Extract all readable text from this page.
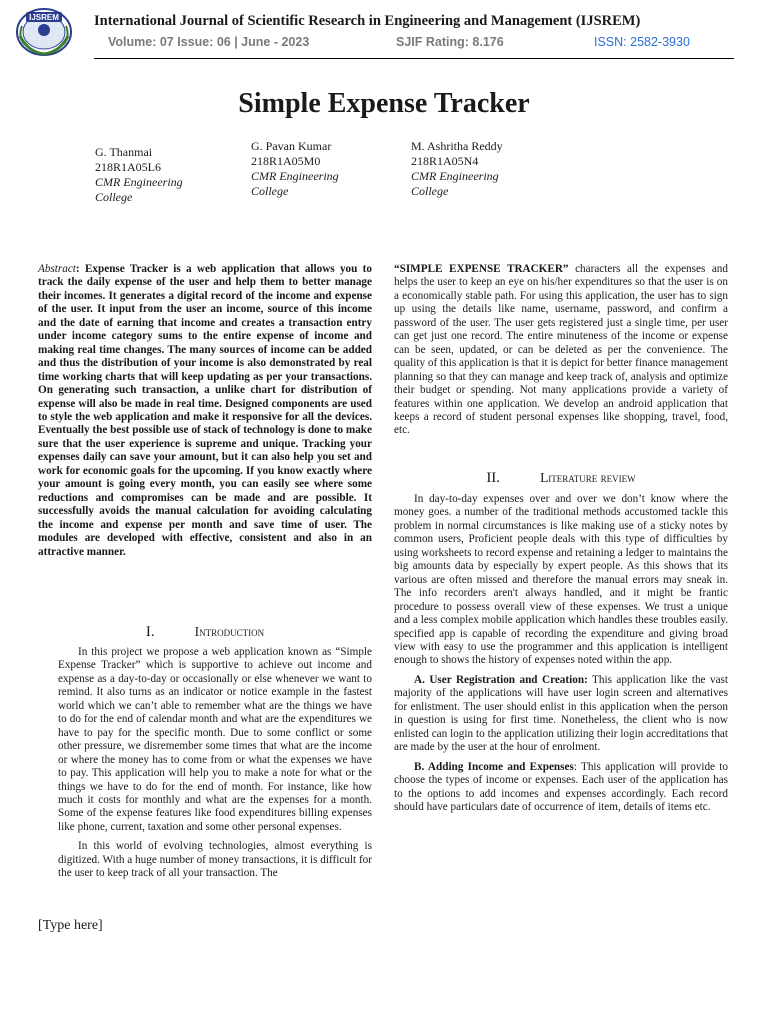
IJSREM International Journal of Scientific Research in Engineering and Management (IJSREM)
Volume: 07 Issue: 06 | June - 2023	SJIF Rating: 8.176	ISSN: 2582-3930
Simple Expense Tracker
G. Thanmai
218R1A05L6
CMR Engineering College
G. Pavan Kumar
218R1A05M0
CMR Engineering College
M. Ashritha Reddy
218R1A05N4
CMR Engineering College
Abstract: Expense Tracker is a web application that allows you to track the daily expense of the user and help them to better manage their incomes. It generates a digital record of the income and expense of the user. It input from the user an income, source of this income and the date of earning that income and creates a transaction entry under income category sums to the entire expense of income and making real time changes. The many sources of income can be added and thus the distribution of your income is also demonstrated by real time working charts that will keep updating as per your transactions. On generating such transaction, a unlike chart for distribution of expense will also be made in real time. Designed components are used to style the web application and make it responsive for all the devices. Eventually the best possible use of stack of technology is done to make sure that the user experience is supreme and unique. Tracking your expenses daily can save your amount, but it can also help you set and work for economic goals for the upcoming. If you know exactly where your amount is going every month, you can easily see where some reductions and compromises can be made and are possible. It successfully avoids the manual calculation for avoiding calculating the income and expense per month and save time of user. The modules are developed with effective, consistent and also in an attractive manner.
I.	Introduction

In this project we propose a web application known as “Simple Expense Tracker” which is supportive to achieve out income and expense as a day-to-day or occasionally or else whenever we want to remind. It also turns as an indicator or notice example in the fastest world which we can’t able to remember what are the things we have to do for the end of calendar month and what are the expenditures we have to pay for the specific month. Due to some conflict or some other pressure, we disremember some times that what are the income or where the money has to come from or what the expenses we have to pay. This application will help you to make a note for what or the things we have to do for the end of month. For instance, like how much it costs for monthly and what are the expenses for a month. Some of the expense features like food expenditures billing expenses like phone, current, taxation and some other personal expenses.

In this world of evolving technologies, almost everything is digitized. With a huge number of money transactions, it is difficult for the user to keep track of all your transaction. The

[Type here]
“SIMPLE EXPENSE TRACKER” characters all the expenses and helps the user to keep an eye on his/her expenditures so that the user is on a economically stable path. For using this application, the user has to sign up using the details like name, username, password, and confirm a password of the user. The user gets registered just a single time, per user can get just one record. The entire minuteness of the income or expense can be seen, updated, or can be deleted as per the convenience. The quality of this application is that it is depict for better finance management planning so that they can manage and keep track of, analysis and optimize their budget or spending. Not many applications provide a variety of features within one application. We develop an android application that keeps a record of student personal expenses like shopping, travel, food, etc.
II.	Literature review

In day-to-day expenses over and over we don’t know where the money goes. a number of the traditional methods accustomed tackle this problem in normal circumstances is like making use of a sticky notes by common users, Proficient people deals with this type of difficulties by using worksheets to record expense and retaining a ledger to maintains the big amounts data by especially by expert people. As this shows that its various are often missed and therefore the manual errors may sneak in. The info recorders aren't always handled, and it might be frantic procedure to possess overall view of these expenses. We trust a unique and a less complex mobile application which handles these troubles easily. specified app is capable of recording the expenditure and giving broad view with easy to use the programmer and this application is intelligent enough to shows the history of expenses noted within the app.

A. User Registration and Creation: This application like the vast majority of the applications will have user login screen and alternatives for enlistment. The user should enlist in this application when the person in question is using for first time. Nonetheless, the client who is now enlisted can login to the application utilizing their login accreditations that are made by the user at the hour of enrolment.

B. Adding Income and Expenses: This application will provide to choose the types of income or expenses. Each user of the application has to the options to add incomes and expenses accordingly. Each record should have particulars date of occurrence of item, details of items etc.
